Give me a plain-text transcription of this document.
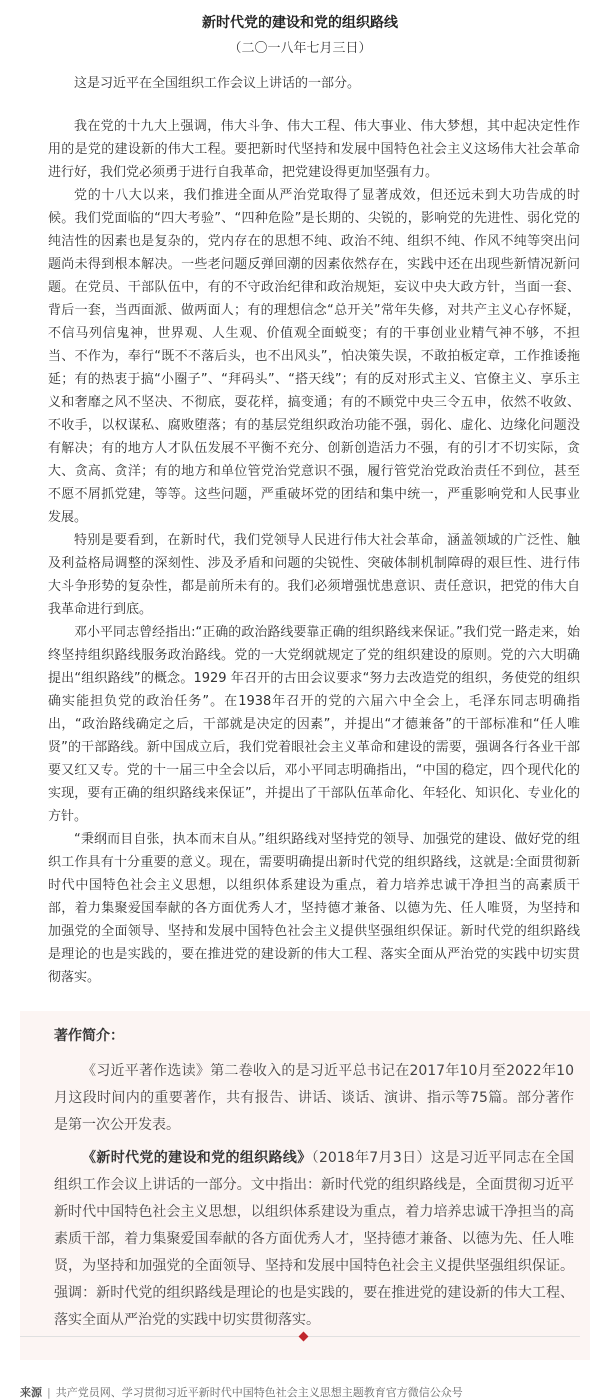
新时代党的建设和党的组织路线
（二〇一八年七月三日）

这是习近平在全国组织工作会议上讲话的一部分。

我在党的十九大上强调，伟大斗争、伟大工程、伟大事业、伟大梦想，其中起决定性作用的是党的建设新的伟大工程。要把新时代坚持和发展中国特色社会主义这场伟大社会革命进行好，我们党必须勇于进行自我革命，把党建设得更加坚强有力。

党的十八大以来，我们推进全面从严治党取得了显著成效，但还远未到大功告成的时候。我们党面临的“四大考验”、“四种危险”是长期的、尖锐的，影响党的先进性、弱化党的纯洁性的因素也是复杂的，党内存在的思想不纯、政治不纯、组织不纯、作风不纯等突出问题尚未得到根本解决。一些老问题反弹回潮的因素依然存在，实践中还在出现些新情况新问题。在党员、干部队伍中，有的不守政治纪律和政治规矩，妄议中央大政方针，当面一套、背后一套，当西面派、做两面人；有的理想信念“总开关”常年失修，对共产主义心存怀疑，不信马列信鬼神，世界观、人生观、价值观全面蜕变；有的干事创业业精气神不够，不担当、不作为，奉行“既不不落后头，也不出风头”，怕决策失误，不敢拍板定章，工作推诿拖延；有的热衷于搞“小圈子”、“拜码头”、“搭天线”；有的反对形式主义、官僚主义、享乐主义和奢靡之风不坚决、不彻底，耍花样，搞变通；有的不顾党中央三令五申，依然不收敛、不收手，以权谋私、腐败堕落；有的基层党组织政治功能不强，弱化、虚化、边缘化问题没有解决；有的地方人才队伍发展不平衡不充分、创新创造活力不强，有的引才不切实际，贪大、贪高、贪洋；有的地方和单位管党治党意识不强，履行管党治党政治责任不到位，甚至不愿不屑抓党建，等等。这些问题，严重破坏党的团结和集中统一，严重影响党和人民事业发展。

特别是要看到，在新时代，我们党领导人民进行伟大社会革命，涵盖领域的广泛性、触及利益格局调整的深刻性、涉及矛盾和问题的尖锐性、突破体制机制障碍的艰巨性、进行伟大斗争形势的复杂性，都是前所未有的。我们必须增强忧患意识、责任意识，把党的伟大自我革命进行到底。

邓小平同志曾经指出:“正确的政治路线要靠正确的组织路线来保证。”我们党一路走来，始终坚持组织路线服务政治路线。党的一大党纲就规定了党的组织建设的原则。党的六大明确提出“组织路线”的概念。1929 年召开的古田会议要求“努力去改造党的组织，务使党的组织确实能担负党的政治任务”。在1938年召开的党的六届六中全会上，毛泽东同志明确指出，“政治路线确定之后，干部就是决定的因素”，并提出“才德兼备”的干部标准和“任人唯贤”的干部路线。新中国成立后，我们党着眼社会主义革命和建设的需要，强调各行各业干部要又红又专。党的十一届三中全会以后，邓小平同志明确指出，“中国的稳定，四个现代化的实现，要有正确的组织路线来保证”，并提出了干部队伍革命化、年轻化、知识化、专业化的方针。

“秉纲而目自张，执本而末自从。”组织路线对坚持党的领导、加强党的建设、做好党的组织工作具有十分重要的意义。现在，需要明确提出新时代党的组织路线，这就是:全面贯彻新时代中国特色社会主义思想，以组织体系建设为重点，着力培养忠诚干净担当的高素质干部，着力集聚爱国奉献的各方面优秀人才，坚持德才兼备、以德为先、任人唯贤，为坚持和加强党的全面领导、坚持和发展中国特色社会主义提供坚强组织保证。新时代党的组织路线是理论的也是实践的，要在推进党的建设新的伟大工程、落实全面从严治党的实践中切实贯彻落实。

著作简介：

《习近平著作选读》第二卷收入的是习近平总书记在2017年10月至2022年10月这段时间内的重要著作，共有报告、讲话、谈话、演讲、指示等75篇。部分著作是第一次公开发表。

《新时代党的建设和党的组织路线》（2018年7月3日）这是习近平同志在全国组织工作会议上讲话的一部分。文中指出：新时代党的组织路线是，全面贯彻习近平新时代中国特色社会主义思想，以组织体系建设为重点，着力培养忠诚干净担当的高素质干部，着力集聚爱国奉献的各方面优秀人才，坚持德才兼备、以德为先、任人唯贤，为坚持和加强党的全面领导、坚持和发展中国特色社会主义提供坚强组织保证。强调：新时代党的组织路线是理论的也是实践的，要在推进党的建设新的伟大工程、落实全面从严治党的实践中切实贯彻落实。

来源 | 共产党员网、学习贯彻习近平新时代中国特色社会主义思想主题教育官方微信公众号
